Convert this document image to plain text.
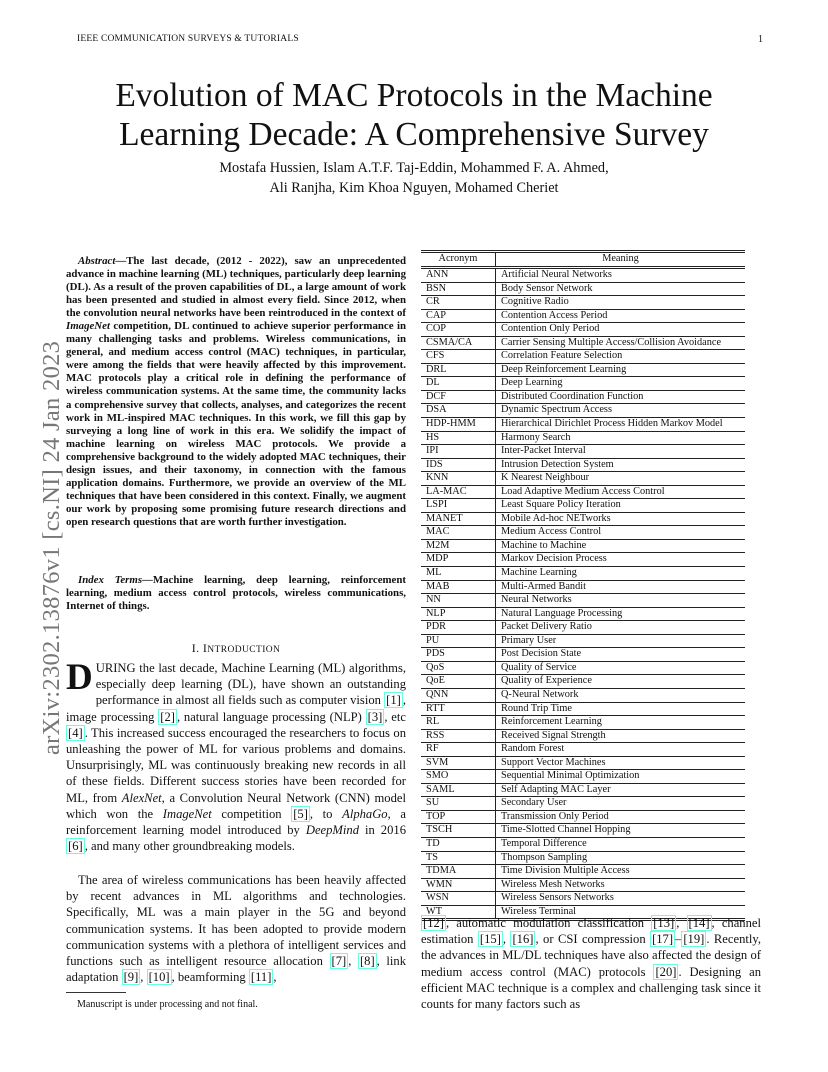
IEEE COMMUNICATION SURVEYS & TUTORIALS	1
Evolution of MAC Protocols in the Machine Learning Decade: A Comprehensive Survey
Mostafa Hussien, Islam A.T.F. Taj-Eddin, Mohammed F. A. Ahmed,
Ali Ranjha, Kim Khoa Nguyen, Mohamed Cheriet
arXiv:2302.13876v1 [cs.NI] 24 Jan 2023

Abstract—The last decade, (2012 - 2022), saw an unprecedented advance in machine learning (ML) techniques, particularly deep learning (DL). As a result of the proven capabilities of DL, a large amount of work has been presented and studied in almost every field. Since 2012, when the convolution neural networks have been reintroduced in the context of ImageNet competition, DL continued to achieve superior performance in many challenging tasks and problems. Wireless communications, in general, and medium access control (MAC) techniques, in particular, were among the fields that were heavily affected by this improvement. MAC protocols play a critical role in defining the performance of wireless communication systems. At the same time, the community lacks a comprehensive survey that collects, analyses, and categorizes the recent work in ML-inspired MAC techniques. In this work, we fill this gap by surveying a long line of work in this era. We solidify the impact of machine learning on wireless MAC protocols. We provide a comprehensive background to the widely adopted MAC techniques, their design issues, and their taxonomy, in connection with the famous application domains. Furthermore, we provide an overview of the ML techniques that have been considered in this context. Finally, we augment our work by proposing some promising future research directions and open research questions that are worth further investigation.

Index Terms—Machine learning, deep learning, reinforcement learning, medium access control protocols, wireless communications, Internet of things.

I. INTRODUCTION

DURING the last decade, Machine Learning (ML) algorithms, especially deep learning (DL), have shown an outstanding performance in almost all fields such as computer vision [1] , image processing [2] , natural language processing (NLP) [3] , etc [4] . This increased success encouraged the researchers to focus on unleashing the power of ML for various problems and domains. Unsurprisingly, ML was continuously breaking new records in all of these fields. Different success stories have been recorded for ML, from AlexNet, a Convolution Neural Network (CNN) model which won the ImageNet competition [5] , to AlphaGo, a reinforcement learning model introduced by DeepMind in 2016 [6] , and many other groundbreaking models.

The area of wireless communications has been heavily affected by recent advances in ML algorithms and technologies. Specifically, ML was a main player in the 5G and beyond communication systems. It has been adopted to provide modern communication systems with a plethora of intelligent services and functions such as intelligent resource allocation [7] , [8] , link adaptation [9] , [10] , beamforming [11] ,

Manuscript is under processing and not final.
Acronym	Meaning
ANN	Artificial Neural Networks
BSN	Body Sensor Network
CR	Cognitive Radio
CAP	Contention Access Period
COP	Contention Only Period
CSMA/CA	Carrier Sensing Multiple Access/Collision Avoidance
CFS	Correlation Feature Selection
DRL	Deep Reinforcement Learning
DL	Deep Learning
DCF	Distributed Coordination Function
DSA	Dynamic Spectrum Access
HDP-HMM	Hierarchical Dirichlet Process Hidden Markov Model
HS	Harmony Search
IPI	Inter-Packet Interval
IDS	Intrusion Detection System
KNN	K Nearest Neighbour
LA-MAC	Load Adaptive Medium Access Control
LSPI	Least Square Policy Iteration
MANET	Mobile Ad-hoc NETworks
MAC	Medium Access Control
M2M	Machine to Machine
MDP	Markov Decision Process
ML	Machine Learning
MAB	Multi-Armed Bandit
NN	Neural Networks
NLP	Natural Language Processing
PDR	Packet Delivery Ratio
PU	Primary User
PDS	Post Decision State
QoS	Quality of Service
QoE	Quality of Experience
QNN	Q-Neural Network
RTT	Round Trip Time
RL	Reinforcement Learning
RSS	Received Signal Strength
RF	Random Forest
SVM	Support Vector Machines
SMO	Sequential Minimal Optimization
SAML	Self Adapting MAC Layer
SU	Secondary User
TOP	Transmission Only Period
TSCH	Time-Slotted Channel Hopping
TD	Temporal Difference
TS	Thompson Sampling
TDMA	Time Division Multiple Access
WMN	Wireless Mesh Networks
WSN	Wireless Sensors Networks
WT	Wireless Terminal

[12] , automatic modulation classification [13] , [14] , channel estimation [15] , [16] , or CSI compression [17] – [19] . Recently, the advances in ML/DL techniques have also affected the design of medium access control (MAC) protocols [20] . Designing an efficient MAC technique is a complex and challenging task since it counts for many factors such as
